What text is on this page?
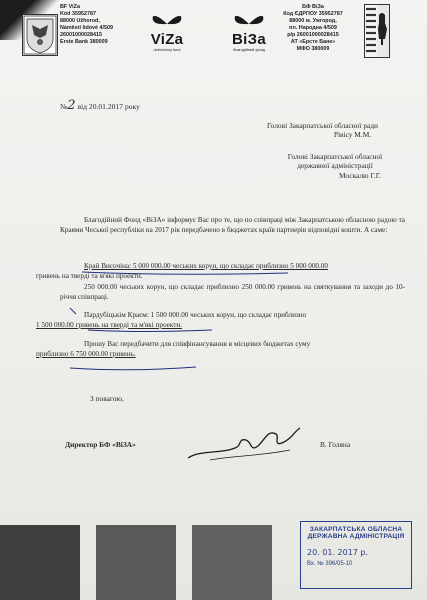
BF ViZa
Kód 35952787
88000 Užhorod,
Náměstí lidové 4/509
26001000028415
Erste Bank 380009	ViZa
dobročinný fond
ВіЗа
благодійний фонд
БФ ВіЗа
Код ЄДРПОУ 35952787
88000 м. Ужгород,
пл. Народна 4/509
р/р 26001000028415
АТ «Ерсте Банк»
МФО 380009
№2 від 20.01.2017 року
Голові Закарпатської обласної ради
Рівісу М.М.
Голові Закарпатської обласної
державної адміністрації
Москалю Г.Г.
Благодійний Фонд «ВіЗА» інформує Вас про те, що по співпраці між Закарпатською обласною радою та Краями Чеської республіки на 2017 рік передбачено в бюджетах країв партнерів відповідні кошти. А саме:
Край Височіна: 5 000 000.00 чеських корун, що складає приблизно 5 000 000.00
гривень на тверді та м'які проекти.
250 000.00 чеських корун, що складає приблизно 250 000.00 гривень на святкування та заходи до 10-річчя співпраці.
Пардубіцькім Краєм: 1 500 000.00 чеських корун, що складає приблизно
1 500 000.00 гривень на тверді та м'які проекти.
Прошу Вас передбачити для співфінансування в місцевих бюджетах суму
приблизно 6 750 000.00 гривень.
З повагою,
Директор БФ «ВіЗА»	В. Голяна
ЗАКАРПАТСЬКА ОБЛАСНА
ДЕРЖАВНА АДМІНІСТРАЦІЯ
20. 01. 2017 р.
Вх. № 396/05-10
